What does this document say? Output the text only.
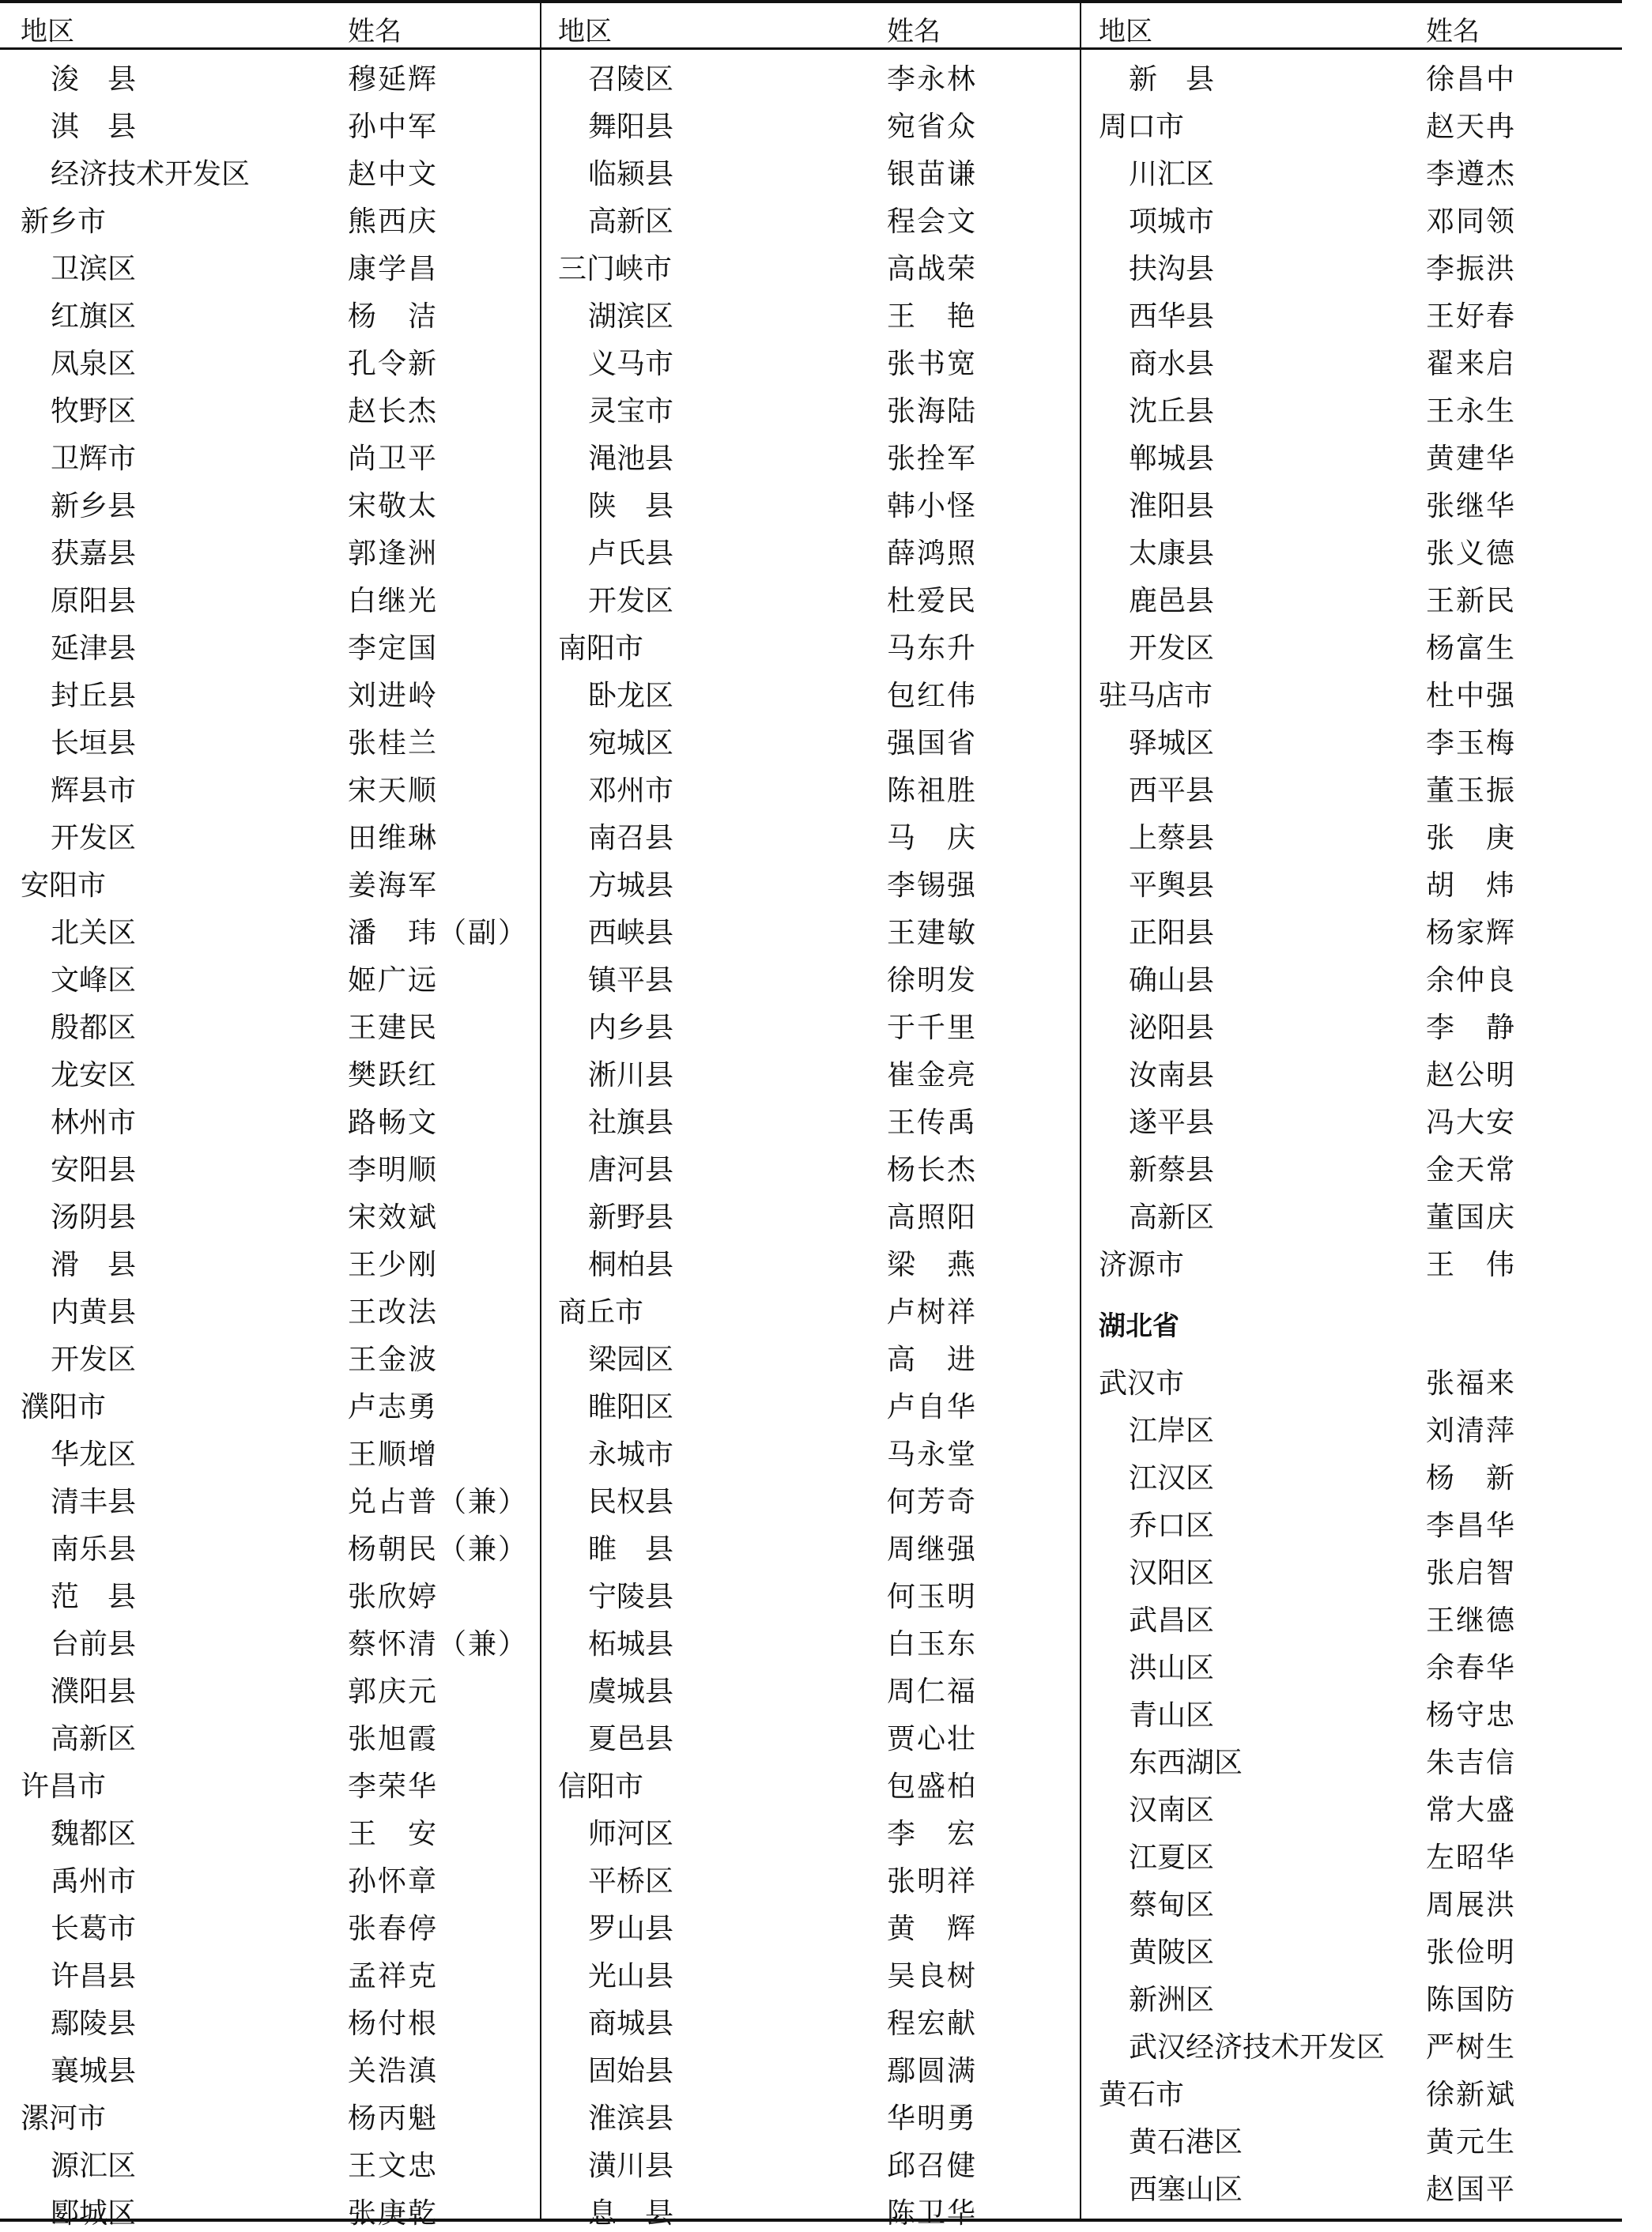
地区	姓名
浚　县	穆延辉
淇　县	孙中军
经济技术开发区	赵中文
新乡市	熊西庆
卫滨区	康学昌
红旗区	杨　洁
凤泉区	孔令新
牧野区	赵长杰
卫辉市	尚卫平
新乡县	宋敬太
获嘉县	郭逢洲
原阳县	白继光
延津县	李定国
封丘县	刘进岭
长垣县	张桂兰
辉县市	宋天顺
开发区	田维琳
安阳市	姜海军
北关区	潘　玮（副）
文峰区	姬广远
殷都区	王建民
龙安区	樊跃红
林州市	路畅文
安阳县	李明顺
汤阴县	宋效斌
滑　县	王少刚
内黄县	王改法
开发区	王金波
濮阳市	卢志勇
华龙区	王顺增
清丰县	兑占普（兼）
南乐县	杨朝民（兼）
范　县	张欣婷
台前县	蔡怀清（兼）
濮阳县	郭庆元
高新区	张旭霞
许昌市	李荣华
魏都区	王　安
禹州市	孙怀章
长葛市	张春停
许昌县	孟祥克
鄢陵县	杨付根
襄城县	关浩滇
漯河市	杨丙魁
源汇区	王文忠
郾城区	张庚乾
地区	姓名
召陵区	李永林
舞阳县	宛省众
临颍县	银苗谦
高新区	程会文
三门峡市	高战荣
湖滨区	王　艳
义马市	张书宽
灵宝市	张海陆
渑池县	张拴军
陕　县	韩小怪
卢氏县	薛鸿照
开发区	杜爱民
南阳市	马东升
卧龙区	包红伟
宛城区	强国省
邓州市	陈祖胜
南召县	马　庆
方城县	李锡强
西峡县	王建敏
镇平县	徐明发
内乡县	于千里
淅川县	崔金亮
社旗县	王传禹
唐河县	杨长杰
新野县	高照阳
桐柏县	梁　燕
商丘市	卢树祥
梁园区	高　进
睢阳区	卢自华
永城市	马永堂
民权县	何芳奇
睢　县	周继强
宁陵县	何玉明
柘城县	白玉东
虞城县	周仁福
夏邑县	贾心壮
信阳市	包盛柏
师河区	李　宏
平桥区	张明祥
罗山县	黄　辉
光山县	吴良树
商城县	程宏献
固始县	鄢圆满
淮滨县	华明勇
潢川县	邱召健
息　县	陈卫华
地区	姓名
新　县	徐昌中
周口市	赵天冉
川汇区	李遵杰
项城市	邓同领
扶沟县	李振洪
西华县	王好春
商水县	翟来启
沈丘县	王永生
郸城县	黄建华
淮阳县	张继华
太康县	张义德
鹿邑县	王新民
开发区	杨富生
驻马店市	杜中强
驿城区	李玉梅
西平县	董玉振
上蔡县	张　庚
平舆县	胡　炜
正阳县	杨家辉
确山县	余仲良
泌阳县	李　静
汝南县	赵公明
遂平县	冯大安
新蔡县	金天常
高新区	董国庆
济源市	王　伟
湖北省
武汉市	张福来
江岸区	刘清萍
江汉区	杨　新
乔口区	李昌华
汉阳区	张启智
武昌区	王继德
洪山区	余春华
青山区	杨守忠
东西湖区	朱吉信
汉南区	常大盛
江夏区	左昭华
蔡甸区	周展洪
黄陂区	张俭明
新洲区	陈国防
武汉经济技术开发区 严树生
黄石市	徐新斌
黄石港区	黄元生
西塞山区	赵国平
